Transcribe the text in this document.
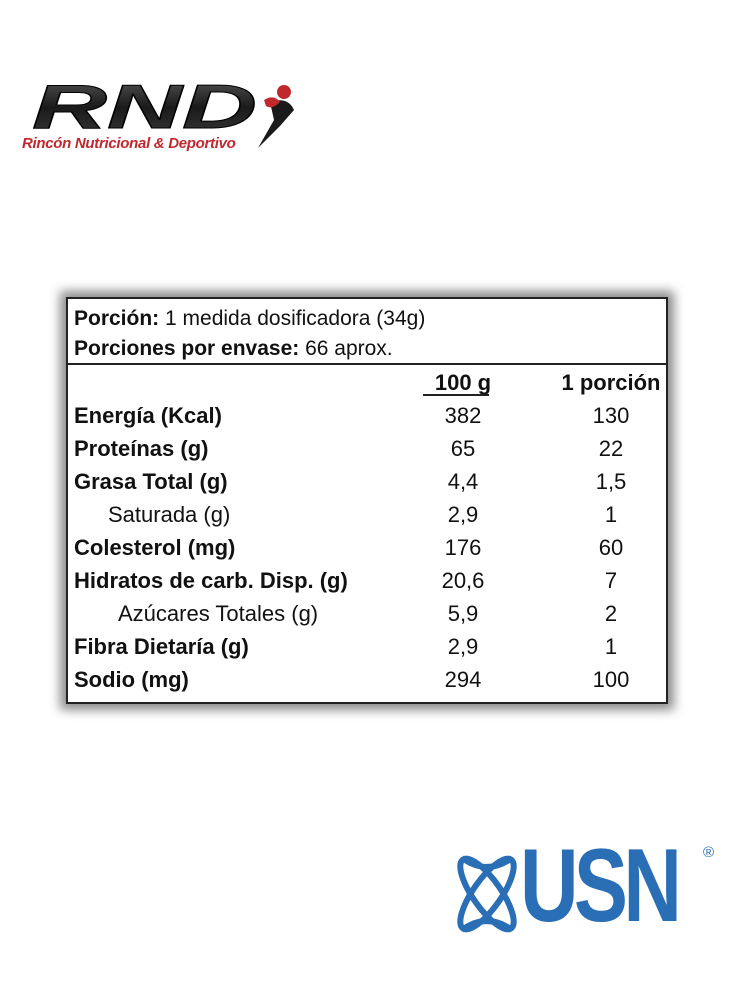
RND
Rincón Nutricional & Deportivo
Porción: 1 medida dosificadora (34g)
Porciones por envase: 66 aprox.
100 g	1 porción
Energía (Kcal)	382	130
Proteínas (g)	65	22
Grasa Total (g)	4,4	1,5
Saturada (g)	2,9	1
Colesterol (mg)	176	60
Hidratos de carb. Disp. (g)	20,6	7
Azúcares Totales (g)	5,9	2
Fibra Dietaría (g)	2,9	1
Sodio (mg)	294	100
USN ®
